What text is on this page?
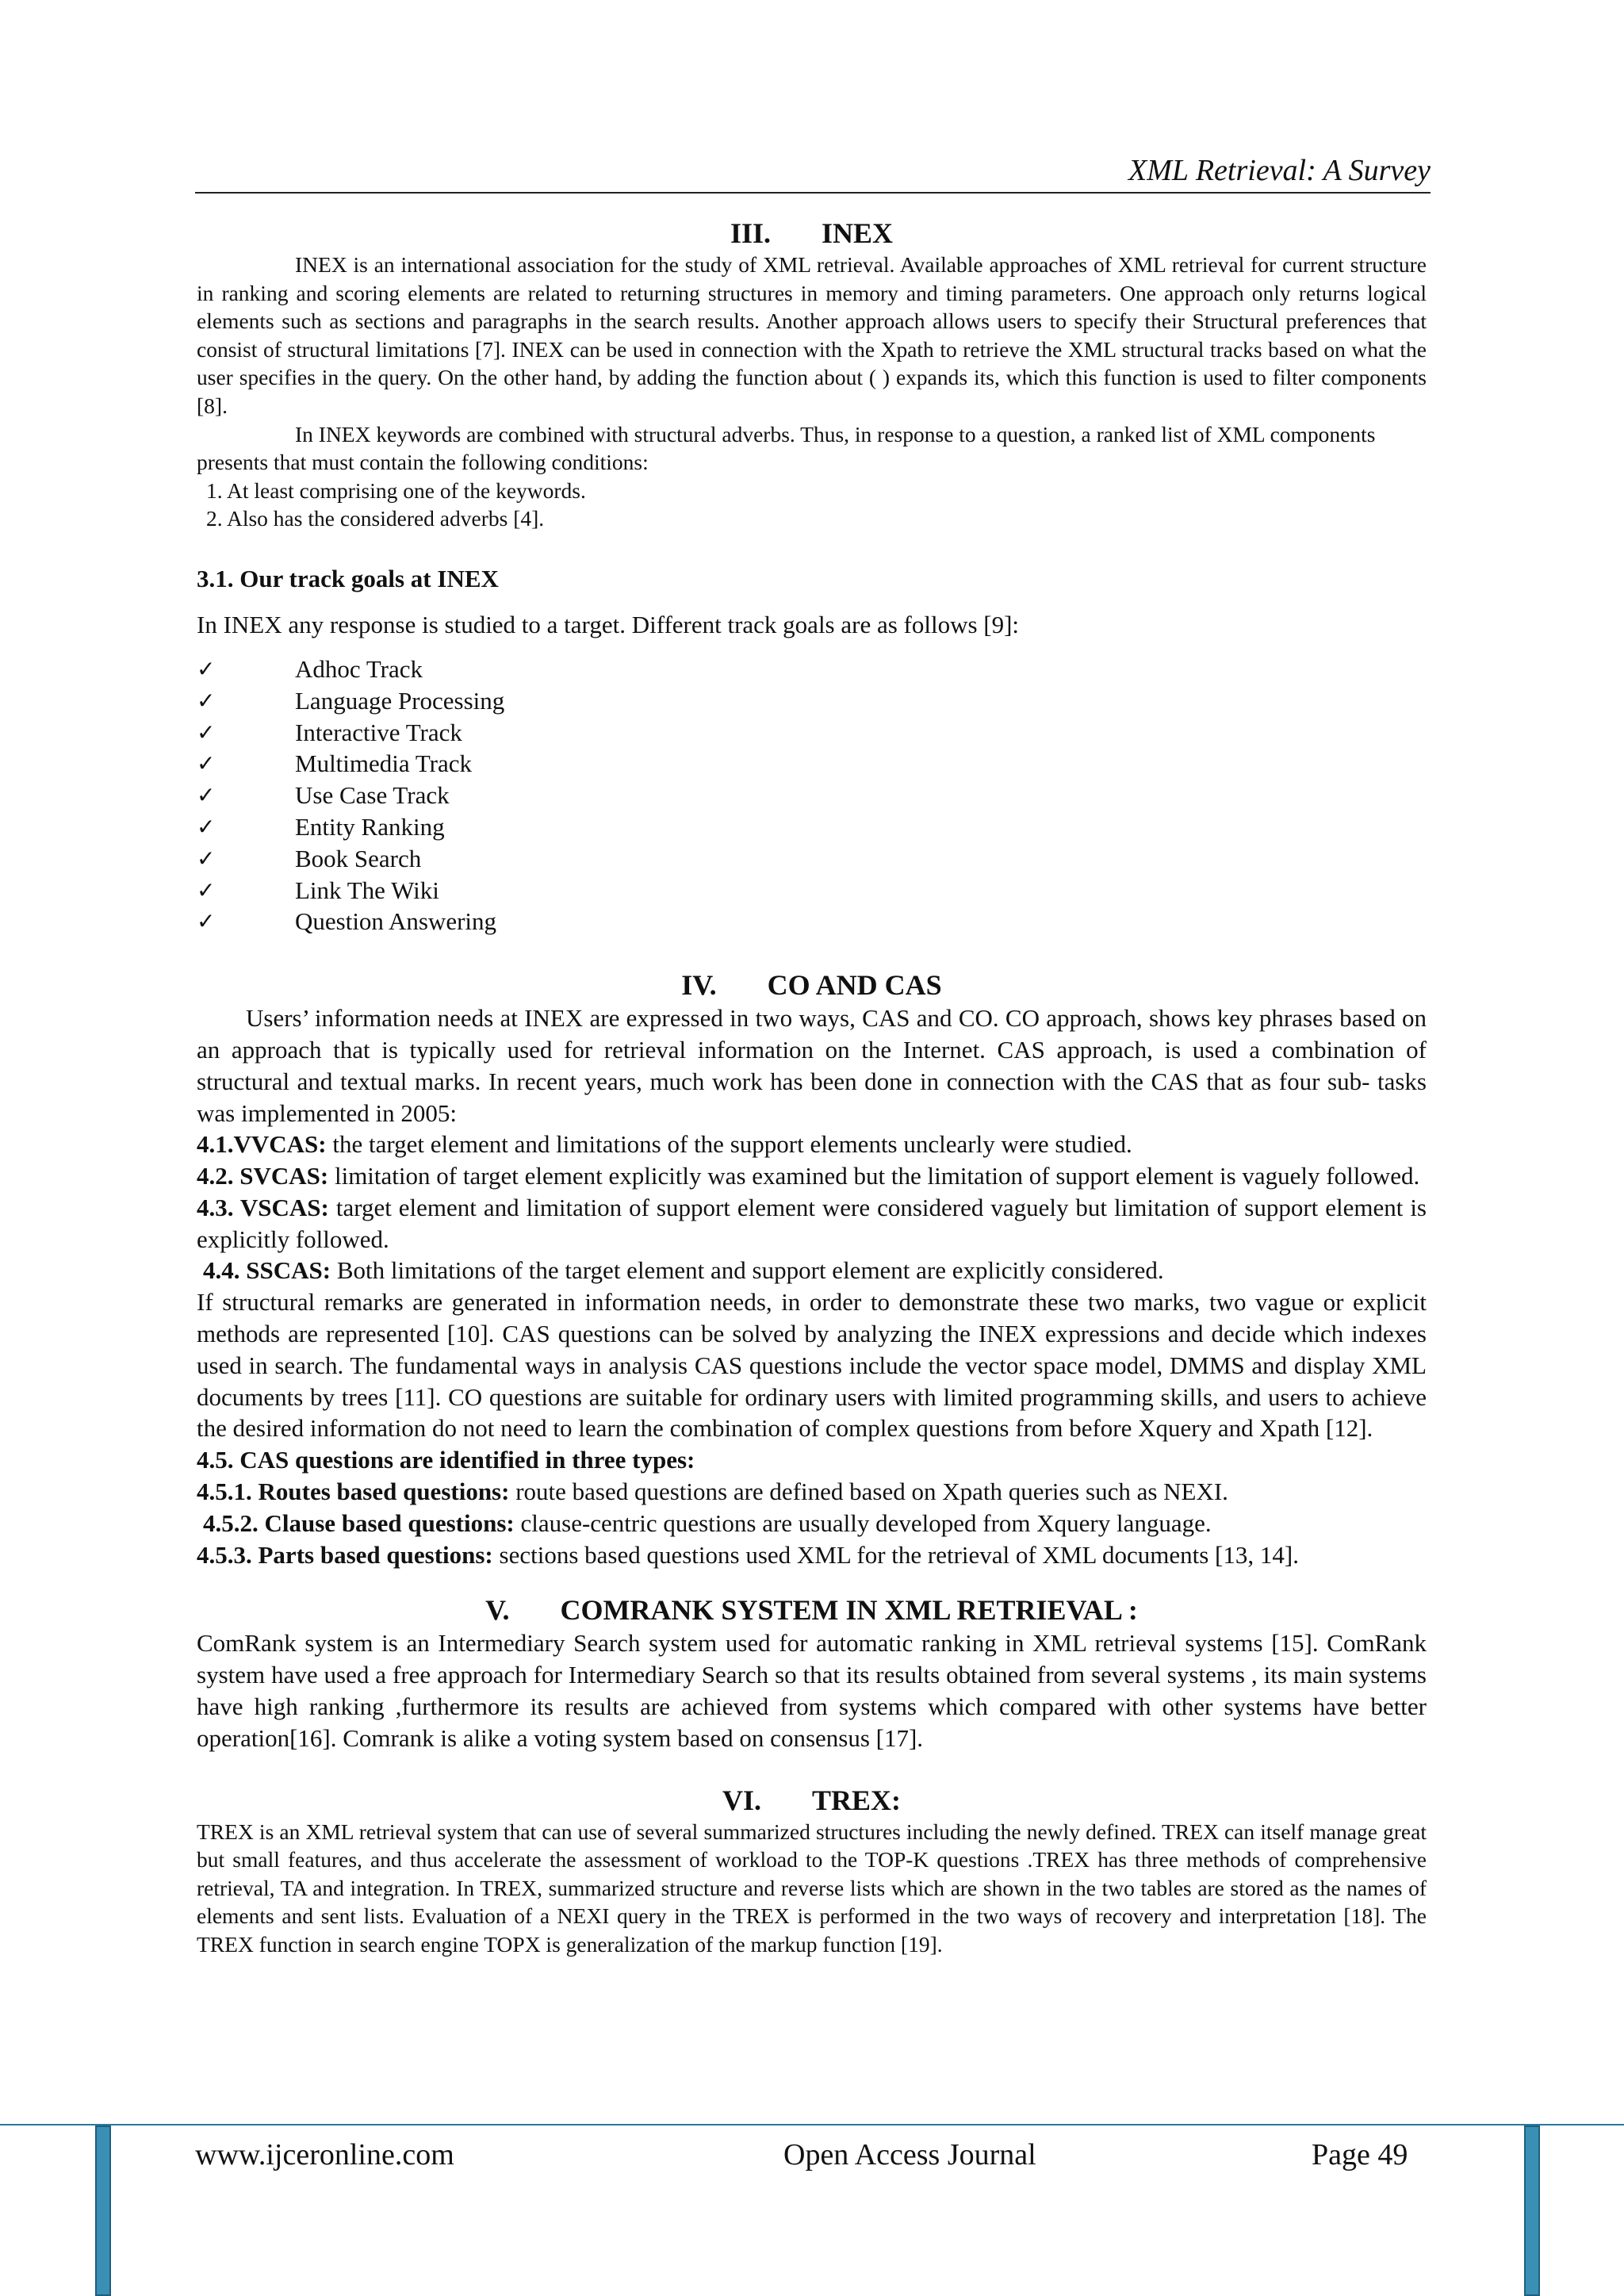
XML Retrieval: A Survey
III. INEX

INEX is an international association for the study of XML retrieval. Available approaches of XML retrieval for current structure in ranking and scoring elements are related to returning structures in memory and timing parameters. One approach only returns logical elements such as sections and paragraphs in the search results. Another approach allows users to specify their Structural preferences that consist of structural limitations [7]. INEX can be used in connection with the Xpath to retrieve the XML structural tracks based on what the user specifies in the query. On the other hand, by adding the function about ( ) expands its, which this function is used to filter components [8].

In INEX keywords are combined with structural adverbs. Thus, in response to a question, a ranked list of XML components presents that must contain the following conditions:

1. At least comprising one of the keywords.

2. Also has the considered adverbs [4].

3.1. Our track goals at INEX

In INEX any response is studied to a target. Different track goals are as follows [9]:

✓	Adhoc Track
✓	Language Processing
✓	Interactive Track
✓	Multimedia Track
✓	Use Case Track
✓	Entity Ranking
✓	Book Search
✓	Link The Wiki
✓	Question Answering
IV. CO AND CAS

Users’ information needs at INEX are expressed in two ways, CAS and CO. CO approach, shows key phrases based on an approach that is typically used for retrieval information on the Internet. CAS approach, is used a combination of structural and textual marks. In recent years, much work has been done in connection with the CAS that as four sub- tasks was implemented in 2005:

4.1.VVCAS: the target element and limitations of the support elements unclearly were studied.

4.2. SVCAS: limitation of target element explicitly was examined but the limitation of support element is vaguely followed.

4.3. VSCAS: target element and limitation of support element were considered vaguely but limitation of support element is explicitly followed.

4.4. SSCAS: Both limitations of the target element and support element are explicitly considered.

If structural remarks are generated in information needs, in order to demonstrate these two marks, two vague or explicit methods are represented [10]. CAS questions can be solved by analyzing the INEX expressions and decide which indexes used in search. The fundamental ways in analysis CAS questions include the vector space model, DMMS and display XML documents by trees [11]. CO questions are suitable for ordinary users with limited programming skills, and users to achieve the desired information do not need to learn the combination of complex questions from before Xquery and Xpath [12].

4.5. CAS questions are identified in three types:

4.5.1. Routes based questions: route based questions are defined based on Xpath queries such as NEXI.

4.5.2. Clause based questions: clause-centric questions are usually developed from Xquery language.

4.5.3. Parts based questions: sections based questions used XML for the retrieval of XML documents [13, 14].

V. COMRANK SYSTEM IN XML RETRIEVAL :

ComRank system is an Intermediary Search system used for automatic ranking in XML retrieval systems [15]. ComRank system have used a free approach for Intermediary Search so that its results obtained from several systems , its main systems have high ranking ,furthermore its results are achieved from systems which compared with other systems have better operation[16]. Comrank is alike a voting system based on consensus [17].

VI. TREX:

TREX is an XML retrieval system that can use of several summarized structures including the newly defined. TREX can itself manage great but small features, and thus accelerate the assessment of workload to the TOP-K questions .TREX has three methods of comprehensive retrieval, TA and integration. In TREX, summarized structure and reverse lists which are shown in the two tables are stored as the names of elements and sent lists. Evaluation of a NEXI query in the TREX is performed in the two ways of recovery and interpretation [18]. The TREX function in search engine TOPX is generalization of the markup function [19].

www.ijceronline.com	Open Access Journal	Page 49
